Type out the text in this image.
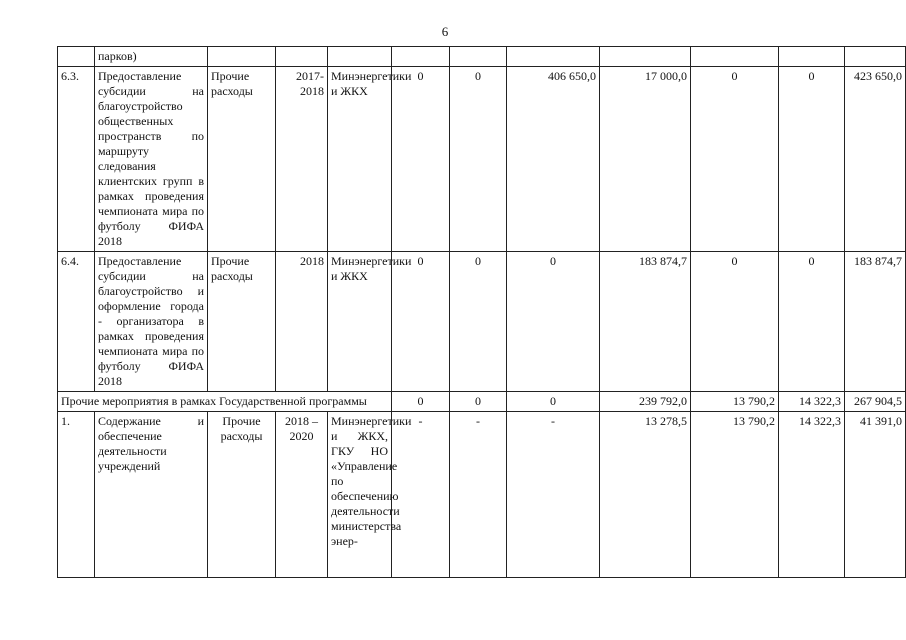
6
	парков)										
6.3.	Предоставление субсидии на благоустройство общественных пространств по маршруту следования клиентских групп в рамках проведения чемпионата мира по футболу ФИФА 2018	Прочие расходы	2017-2018	Минэнергетики и ЖКХ	0	0	406 650,0	17 000,0	0	0	423 650,0
6.4.	Предоставление субсидии на благоустройство и оформление города - организатора в рамках проведения чемпионата мира по футболу ФИФА 2018	Прочие расходы	2018	Минэнергетики и ЖКХ	0	0	0	183 874,7	0	0	183 874,7
Прочие мероприятия в рамках Государственной программы					0	0	0	239 792,0	13 790,2	14 322,3	267 904,5
1.	Содержание и обеспечение деятельности учреждений	Прочие расходы	2018 – 2020	Минэнергетики и ЖКХ, ГКУ НО «Управление по обеспечению деятельности министерства энер-	-	-	-	13 278,5	13 790,2	14 322,3	41 391,0
